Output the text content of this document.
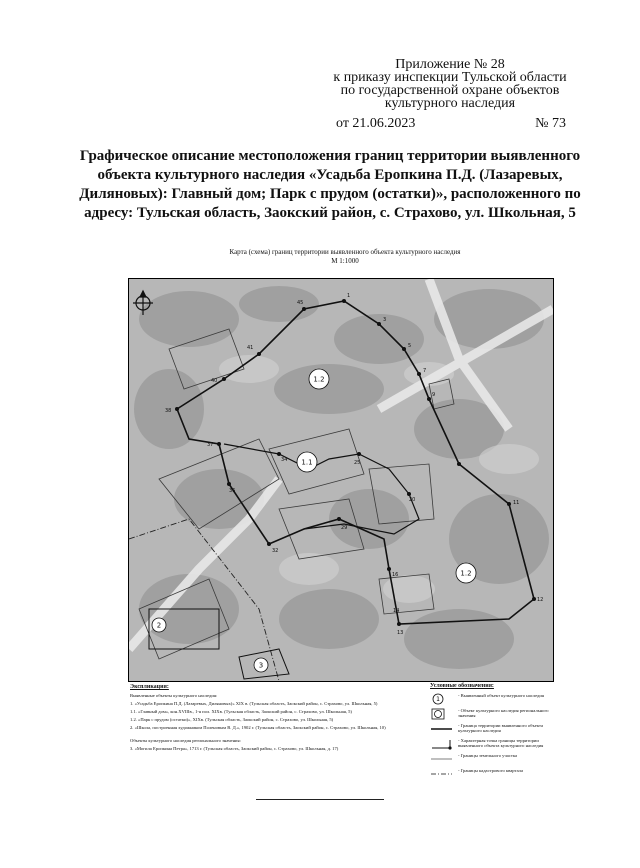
Приложение № 28
к приказу инспекции Тульской области
по государственной охране объектов
культурного наследия
от 21.06.2023	№ 73
Графическое описание местоположения границ территории выявленного объекта культурного наследия «Усадьба Еропкина П.Д. (Лазаревых, Диляновых): Главный дом; Парк с прудом (остатки)», расположенного по адресу: Тульская область, Заокский район, с. Страхово, ул. Школьная, 5
Карта (схема) границ территории выявленного объекта культурного наследия
М 1:1000
38
40
41
45
1
3
5
7
9
11
12
13
14
16
20
29
32
36
37
34	25
1.2
1.1
1.2
2
3
Экспликация:
Выявленные объекты культурного наследия:
1. «Усадьба Еропкина П.Д. (Лазаревых, Диляновых)» XIX в. (Тульская область, Заокский район, с. Страхово, ул. Школьная, 5)
1.1. «Главный дом», кон.XVIIIв., 1-я пол. XIXв. (Тульская область, Заокский район, с. Страхово, ул. Школьная, 5)
1.2. «Парк с прудом (остатки)», XIXв. (Тульская область, Заокский район, с. Страхово, ул. Школьная, 5)
2. «Школа, построенная художником Поленовым В. Д.», 1902 г. (Тульская область, Заокский район, с. Страхово, ул. Школьная, 10)
Объекты культурного наследия регионального значения:
3. «Могила Еропкина Петра», 1713 г. (Тульская область, Заокский район, с. Страхово, ул. Школьная, д. 17)
Условные обозначения:
1
- Выявленный объект культурного наследия
- Объект культурного наследия регионального значения
- Граница территории выявленного объекта культурного наследия
- Характерная точка границы территории выявленного объекта культурного наследия
- Границы земельного участка
- Границы кадастрового квартала
